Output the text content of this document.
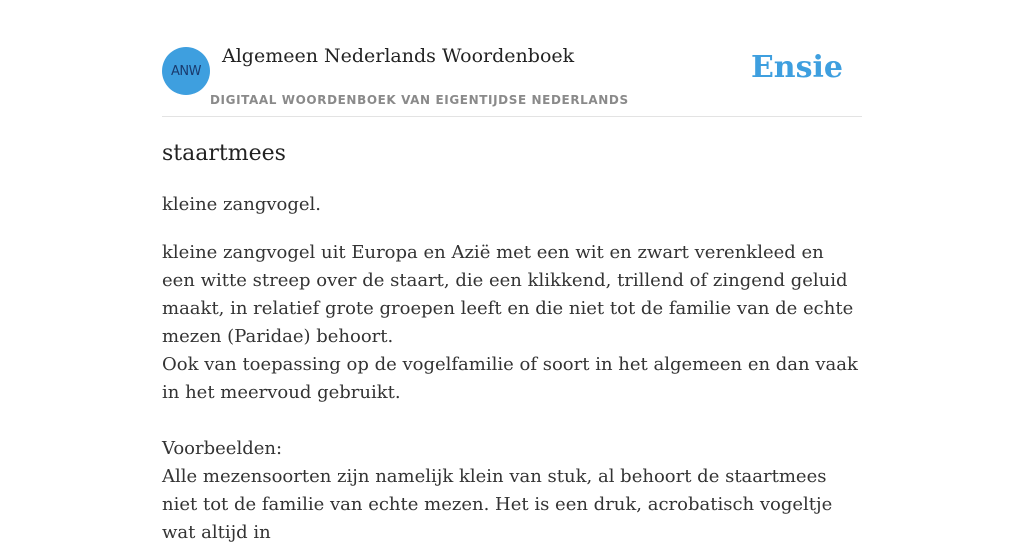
ANW
Algemeen Nederlands Woordenboek
DIGITAAL WOORDENBOEK VAN EIGENTIJDSE NEDERLANDS
Ensie
staartmees
kleine zangvogel.

kleine zangvogel uit Europa en Azië met een wit en zwart verenkleed en een witte streep over de staart, die een klikkend, trillend of zingend geluid maakt, in relatief grote groepen leeft en die niet tot de familie van de echte mezen (Paridae) behoort.

Ook van toepassing op de vogelfamilie of soort in het algemeen en dan vaak in het meervoud gebruikt.

Voorbeelden:

Alle mezensoorten zijn namelijk klein van stuk, al behoort de staartmees niet tot de familie van echte mezen. Het is een druk, acrobatisch vogeltje wat altijd in
